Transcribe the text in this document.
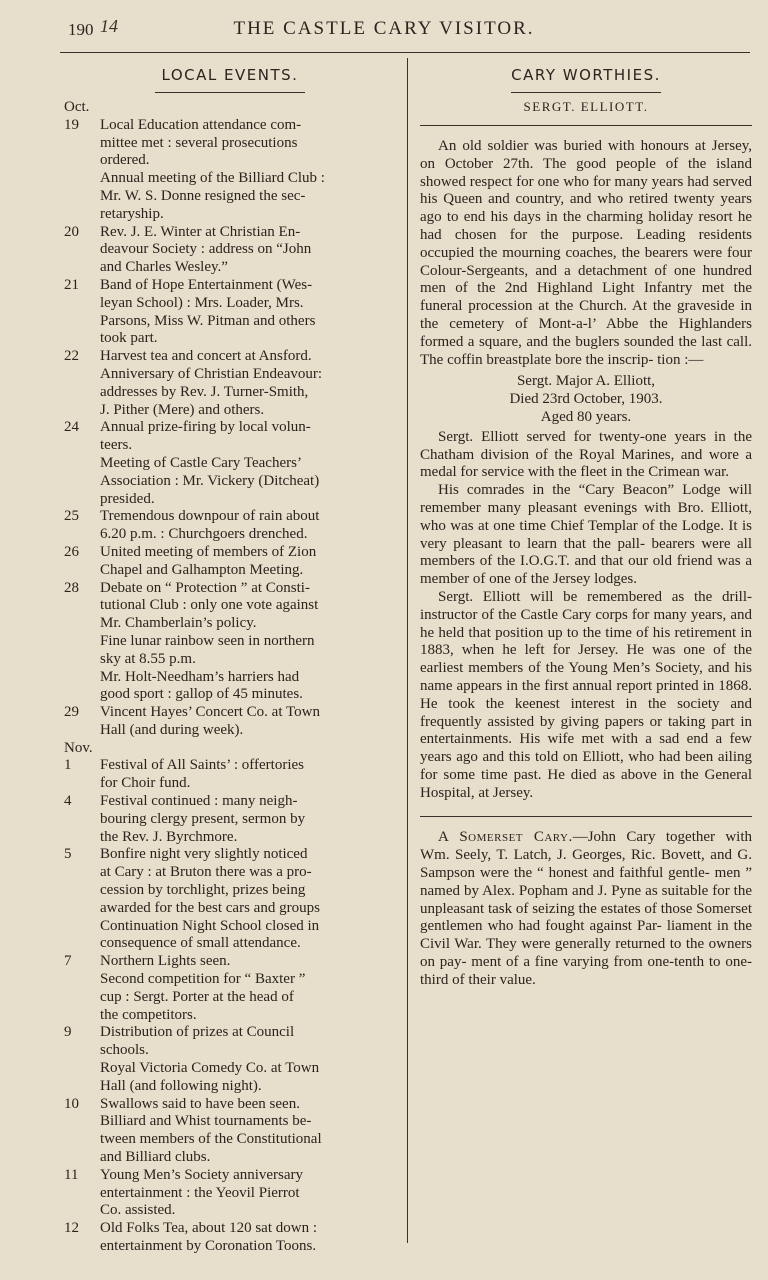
190 14	THE CASTLE CARY VISITOR.
LOCAL EVENTS.
Oct.
19	Local Education attendance com-
mittee met : several prosecutions
ordered.
Annual meeting of the Billiard Club :
Mr. W. S. Donne resigned the sec-
retaryship.
20	Rev. J. E. Winter at Christian En-
deavour Society : address on “John
and Charles Wesley.”
21	Band of Hope Entertainment (Wes-
leyan School) : Mrs. Loader, Mrs.
Parsons, Miss W. Pitman and others
took part.
22	Harvest tea and concert at Ansford.
Anniversary of Christian Endeavour:
addresses by Rev. J. Turner-Smith,
J. Pither (Mere) and others.
24	Annual prize-firing by local volun-
teers.
Meeting of Castle Cary Teachers’
Association : Mr. Vickery (Ditcheat)
presided.
25	Tremendous downpour of rain about
6.20 p.m. : Churchgoers drenched.
26	United meeting of members of Zion
Chapel and Galhampton Meeting.
28	Debate on “ Protection ” at Consti-
tutional Club : only one vote against
Mr. Chamberlain’s policy.
Fine lunar rainbow seen in northern
sky at 8.55 p.m.
Mr. Holt-Needham’s harriers had
good sport : gallop of 45 minutes.
29	Vincent Hayes’ Concert Co. at Town
Hall (and during week).
Nov.
1	Festival of All Saints’ : offertories
for Choir fund.
4	Festival continued : many neigh-
bouring clergy present, sermon by
the Rev. J. Byrchmore.
5	Bonfire night very slightly noticed
at Cary : at Bruton there was a pro-
cession by torchlight, prizes being
awarded for the best cars and groups
Continuation Night School closed in
consequence of small attendance.
7	Northern Lights seen.
Second competition for “ Baxter ”
cup : Sergt. Porter at the head of
the competitors.
9	Distribution of prizes at Council
schools.
Royal Victoria Comedy Co. at Town
Hall (and following night).
10	Swallows said to have been seen.
Billiard and Whist tournaments be-
tween members of the Constitutional
and Billiard clubs.
11	Young Men’s Society anniversary
entertainment : the Yeovil Pierrot
Co. assisted.
12	Old Folks Tea, about 120 sat down :
entertainment by Coronation Toons.
CARY WORTHIES.
SERGT. ELLIOTT.

An old soldier was buried with honours at Jersey, on October 27th. The good people of the island showed respect for one who for many years had served his Queen and country, and who retired twenty years ago to end his days in the charming holiday resort he had chosen for the purpose. Leading residents occupied the mourning coaches, the bearers were four Colour-Sergeants, and a detachment of one hundred men of the 2nd Highland Light Infantry met the funeral procession at the Church. At the graveside in the cemetery of Mont-a-l’ Abbe the Highlanders formed a square, and the buglers sounded the last call. The coffin breastplate bore the inscrip- tion :—

Sergt. Major A. Elliott,
Died 23rd October, 1903.
Aged 80 years.

Sergt. Elliott served for twenty-one years in the Chatham division of the Royal Marines, and wore a medal for service with the fleet in the Crimean war.

His comrades in the “Cary Beacon” Lodge will remember many pleasant evenings with Bro. Elliott, who was at one time Chief Templar of the Lodge. It is very pleasant to learn that the pall- bearers were all members of the I.O.G.T. and that our old friend was a member of one of the Jersey lodges.

Sergt. Elliott will be remembered as the drill-instructor of the Castle Cary corps for many years, and he held that position up to the time of his retirement in 1883, when he left for Jersey. He was one of the earliest members of the Young Men’s Society, and his name appears in the first annual report printed in 1868. He took the keenest interest in the society and frequently assisted by giving papers or taking part in entertainments. His wife met with a sad end a few years ago and this told on Elliott, who had been ailing for some time past. He died as above in the General Hospital, at Jersey.

A Somerset Cary.—John Cary together with Wm. Seely, T. Latch, J. Georges, Ric. Bovett, and G. Sampson were the “ honest and faithful gentle- men ” named by Alex. Popham and J. Pyne as suitable for the unpleasant task of seizing the estates of those Somerset gentlemen who had fought against Par- liament in the Civil War. They were generally returned to the owners on pay- ment of a fine varying from one-tenth to one-third of their value.
